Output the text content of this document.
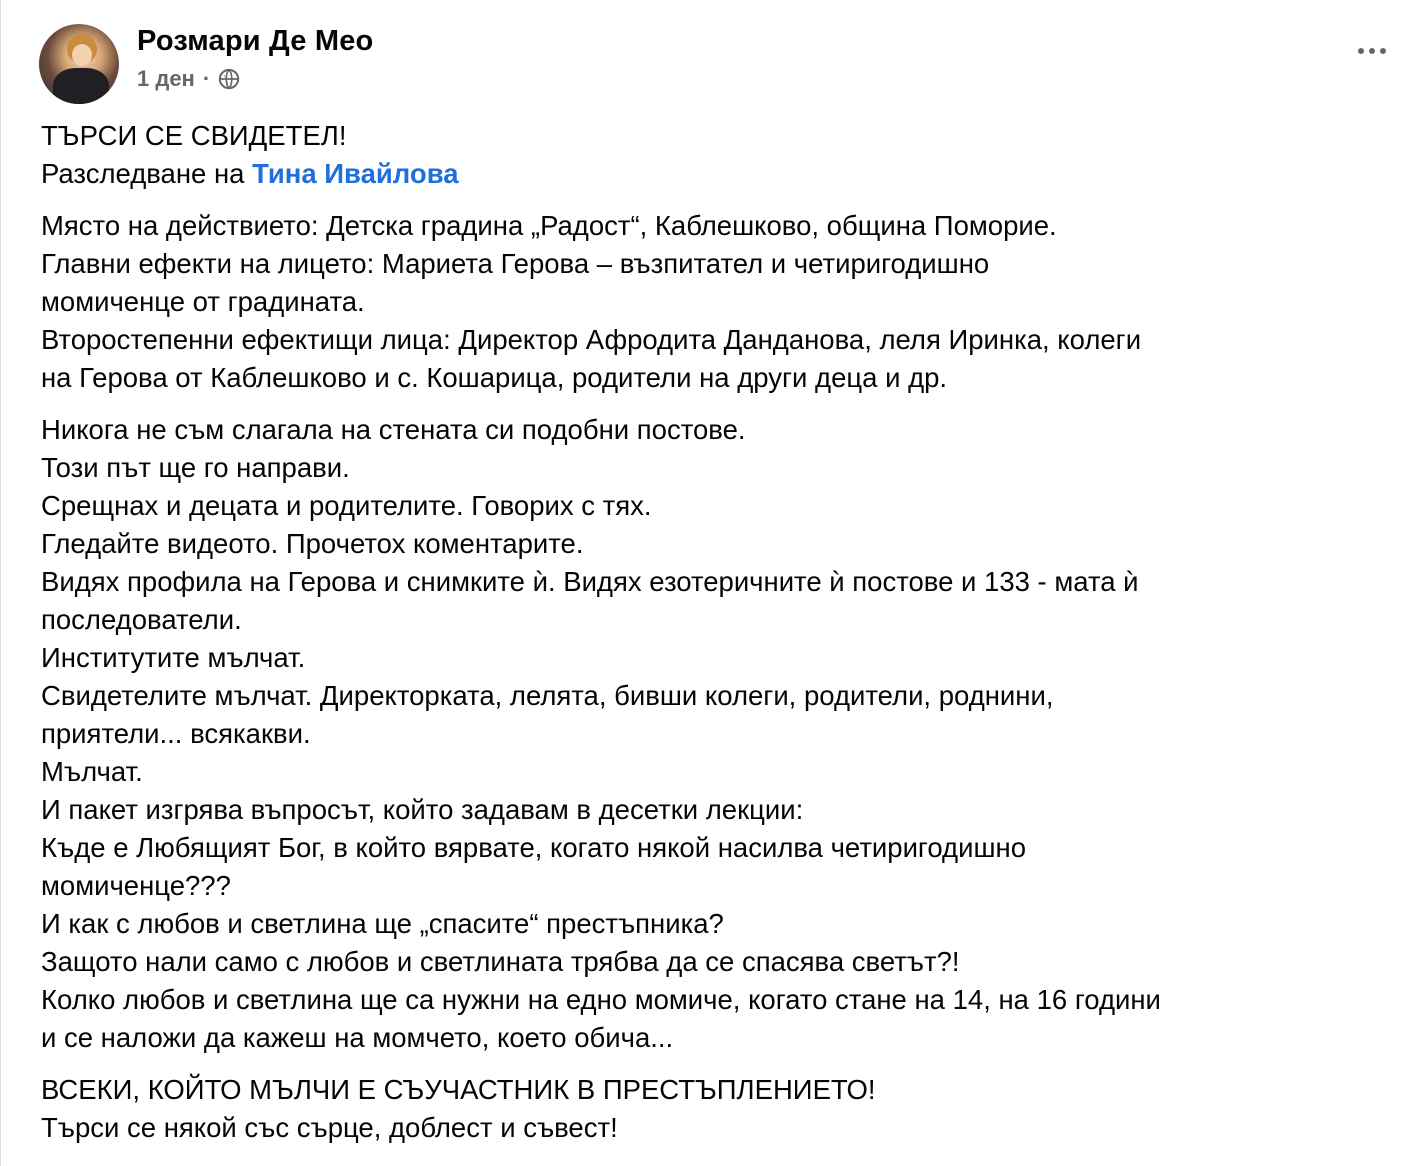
Розмари Де Мео
1 ден ·
ТЪРСИ СЕ СВИДЕТЕЛ!
Разследване на Тина Ивайлова
Място на действието: Детска градина „Радост“, Каблешково, община Поморие.
Главни ефекти на лицето: Мариета Герова – възпитател и четиригодишно
момиченце от градината.
Второстепенни ефектищи лица: Директор Афродита Данданова, леля Иринка, колеги
на Герова от Каблешково и с. Кошарица, родители на други деца и др.
Никога не съм слагала на стената си подобни постове.
Този път ще го направи.
Срещнах и децата и родителите. Говорих с тях.
Гледайте видеото. Прочетох коментарите.
Видях профила на Герова и снимките ѝ. Видях езотеричните ѝ постове и 133 - мата ѝ
последователи.
Институтите мълчат.
Свидетелите мълчат. Директорката, лелята, бивши колеги, родители, роднини,
приятели... всякакви.
Мълчат.
И пакет изгрява въпросът, който задавам в десетки лекции:
Къде е Любящият Бог, в който вярвате, когато някой насилва четиригодишно
момиченце???
И как с любов и светлина ще „спасите“ престъпника?
Защото нали само с любов и светлината трябва да се спасява светът?!
Колко любов и светлина ще са нужни на едно момиче, когато стане на 14, на 16 години
и се наложи да кажеш на момчето, което обича...
ВСЕКИ, КОЙТО МЪЛЧИ Е СЪУЧАСТНИК В ПРЕСТЪПЛЕНИЕТО!
Търси се някой със сърце, доблест и съвест!
